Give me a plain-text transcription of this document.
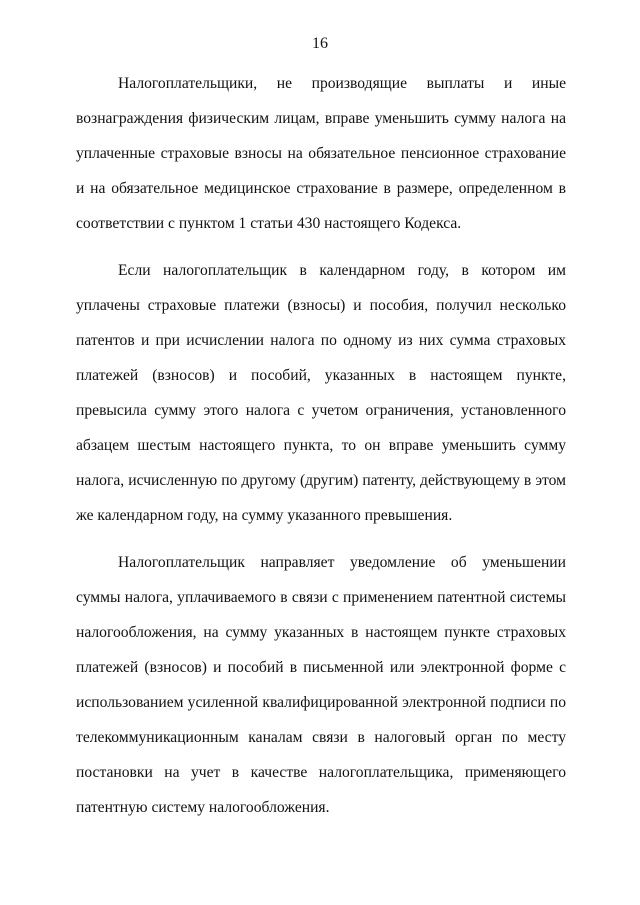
16

Налогоплательщики, не производящие выплаты и иные вознаграждения физическим лицам, вправе уменьшить сумму налога на уплаченные страховые взносы на обязательное пенсионное страхование и на обязательное медицинское страхование в размере, определенном в соответствии с пунктом 1 статьи 430 настоящего Кодекса.

Если налогоплательщик в календарном году, в котором им уплачены страховые платежи (взносы) и пособия, получил несколько патентов и при исчислении налога по одному из них сумма страховых платежей (взносов) и пособий, указанных в настоящем пункте, превысила сумму этого налога с учетом ограничения, установленного абзацем шестым настоящего пункта, то он вправе уменьшить сумму налога, исчисленную по другому (другим) патенту, действующему в этом же календарном году, на сумму указанного превышения.

Налогоплательщик направляет уведомление об уменьшении суммы налога, уплачиваемого в связи с применением патентной системы налогообложения, на сумму указанных в настоящем пункте страховых платежей (взносов) и пособий в письменной или электронной форме с использованием усиленной квалифицированной электронной подписи по телекоммуникационным каналам связи в налоговый орган по месту постановки на учет в качестве налогоплательщика, применяющего патентную систему налогообложения.
